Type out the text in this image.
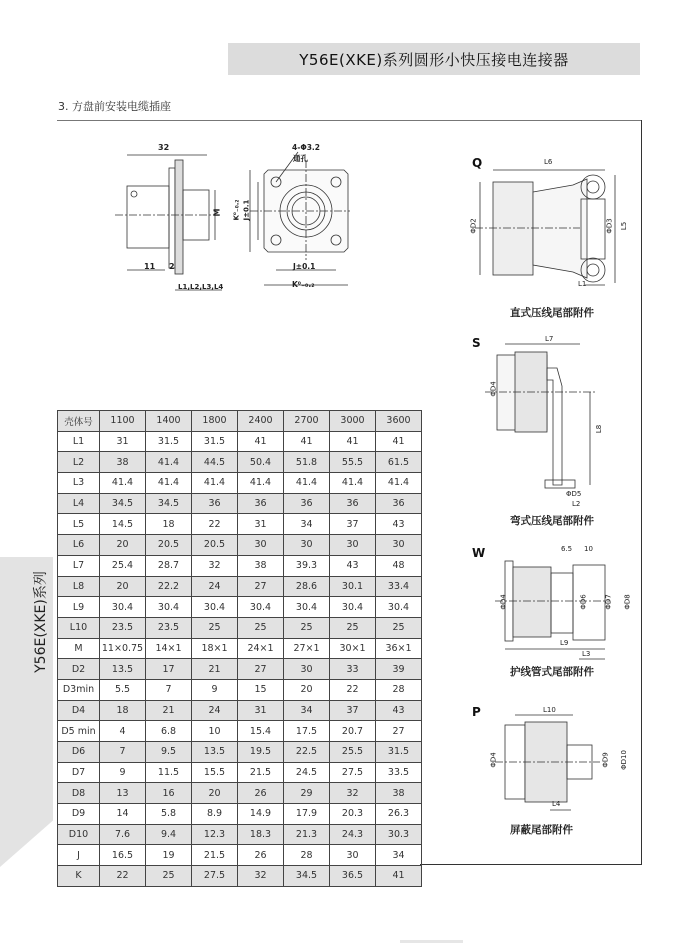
Y56E(XKE)系列圆形小快压接电连接器
3. 方盘前安装电缆插座
Y56E(XKE)系列
32
11 2
M
L1,L2,L3,L4
4-Φ3.2
通孔
J±0.1
K⁰₋₀.₂
K⁰₋₀.₂ J±0.1
Q
直式压线尾部附件
L6
ΦD2	ΦD3 L5
L1
S
弯式压线尾部附件
L7
ΦD4
L8
ΦD5
L2
W
护线管式尾部附件
6.5 10
ΦD4	ΦD6 ΦD7 ΦD8
L9
L3
P
屏蔽尾部附件
L10
ΦD4	ΦD9 ΦD10
L4
壳体号	1100	1400	1800	2400	2700	3000	3600
L1	31	31.5	31.5	41	41	41	41
L2	38	41.4	44.5	50.4	51.8	55.5	61.5
L3	41.4	41.4	41.4	41.4	41.4	41.4	41.4
L4	34.5	34.5	36	36	36	36	36
L5	14.5	18	22	31	34	37	43
L6	20	20.5	20.5	30	30	30	30
L7	25.4	28.7	32	38	39.3	43	48
L8	20	22.2	24	27	28.6	30.1	33.4
L9	30.4	30.4	30.4	30.4	30.4	30.4	30.4
L10	23.5	23.5	25	25	25	25	25
M	11×0.75	14×1	18×1	24×1	27×1	30×1	36×1
D2	13.5	17	21	27	30	33	39
D3min	5.5	7	9	15	20	22	28
D4	18	21	24	31	34	37	43
D5 min	4	6.8	10	15.4	17.5	20.7	27
D6	7	9.5	13.5	19.5	22.5	25.5	31.5
D7	9	11.5	15.5	21.5	24.5	27.5	33.5
D8	13	16	20	26	29	32	38
D9	14	5.8	8.9	14.9	17.9	20.3	26.3
D10	7.6	9.4	12.3	18.3	21.3	24.3	30.3
J	16.5	19	21.5	26	28	30	34
K	22	25	27.5	32	34.5	36.5	41
